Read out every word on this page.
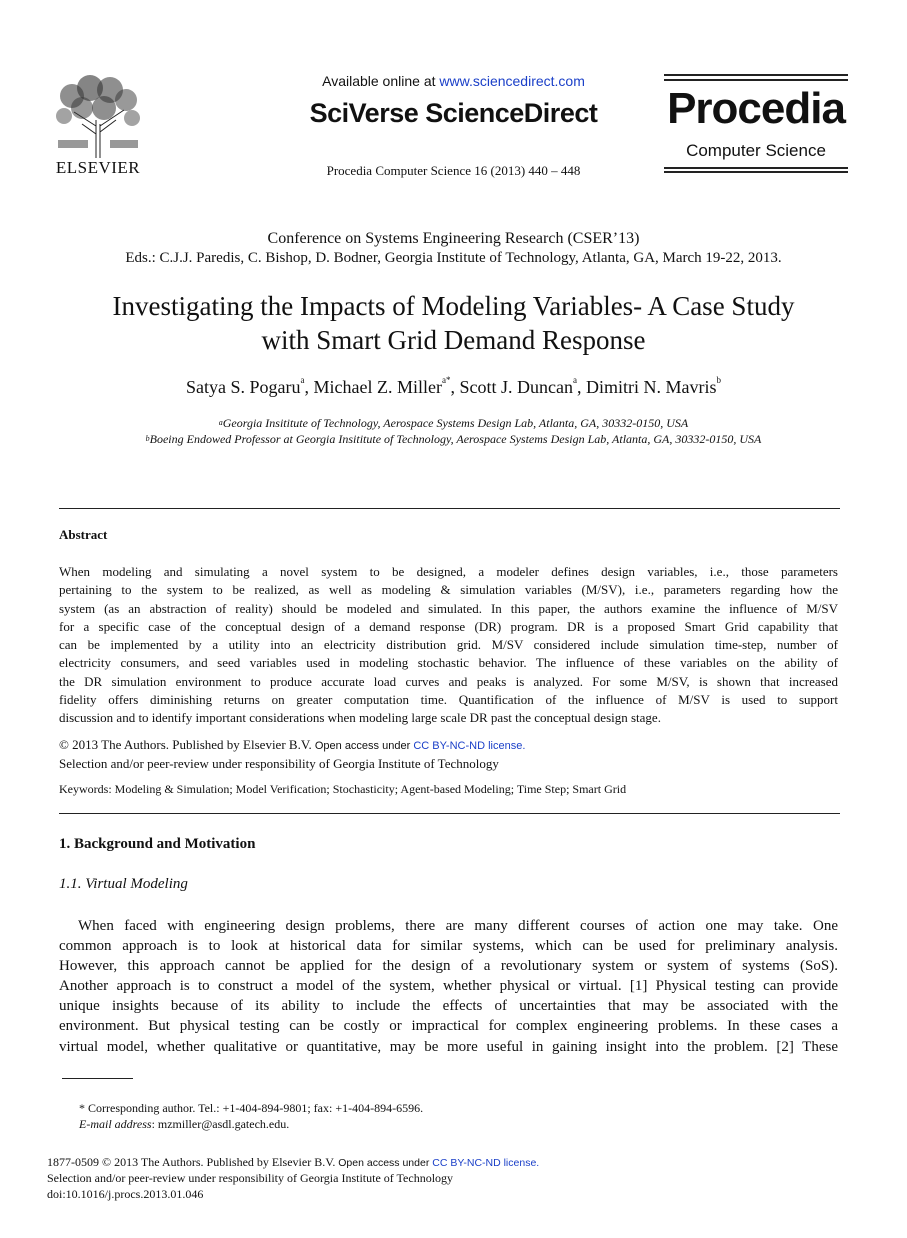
ELSEVIER
Available online at www.sciencedirect.com
SciVerse ScienceDirect
Procedia Computer Science 16 (2013) 440 – 448
Procedia
Computer Science
Conference on Systems Engineering Research (CSER’13)
Eds.: C.J.J. Paredis, C. Bishop, D. Bodner, Georgia Institute of Technology, Atlanta, GA, March 19-22, 2013.
Investigating the Impacts of Modeling Variables- A Case Study
with Smart Grid Demand Response
Satya S. Pogaru$^a$, Michael Z. Miller$^{a*}$, Scott J. Duncan$^a$, Dimitri N. Mavris$^b$
$^a$Georgia Insititute of Technology, Aerospace Systems Design Lab, Atlanta, GA, 30332-0150, USA
$^b$Boeing Endowed Professor at Georgia Insititute of Technology, Aerospace Systems Design Lab, Atlanta, GA, 30332-0150, USA
Abstract
When modeling and simulating a novel system to be designed, a modeler defines design variables, i.e., those parameters
pertaining to the system to be realized, as well as modeling & simulation variables (M/SV), i.e., parameters regarding how the
system (as an abstraction of reality) should be modeled and simulated. In this paper, the authors examine the influence of M/SV
for a specific case of the conceptual design of a demand response (DR) program. DR is a proposed Smart Grid capability that
can be implemented by a utility into an electricity distribution grid. M/SV considered include simulation time-step, number of
electricity consumers, and seed variables used in modeling stochastic behavior. The influence of these variables on the ability of
the DR simulation environment to produce accurate load curves and peaks is analyzed. For some M/SV, is shown that increased
fidelity offers diminishing returns on greater computation time. Quantification of the influence of M/SV is used to support
discussion and to identify important considerations when modeling large scale DR past the conceptual design stage.
© 2013 The Authors. Published by Elsevier B.V. Open access under CC BY-NC-ND license.
Selection and/or peer-review under responsibility of Georgia Institute of Technology
Keywords: Modeling & Simulation; Model Verification; Stochasticity; Agent-based Modeling; Time Step; Smart Grid
1. Background and Motivation
1.1. Virtual Modeling
When faced with engineering design problems, there are many different courses of action one may take. One
common approach is to look at historical data for similar systems, which can be used for preliminary analysis.
However, this approach cannot be applied for the design of a revolutionary system or system of systems (SoS).
Another approach is to construct a model of the system, whether physical or virtual. [1] Physical testing can provide
unique insights because of its ability to include the effects of uncertainties that may be associated with the
environment. But physical testing can be costly or impractical for complex engineering problems. In these cases a
virtual model, whether qualitative or quantitative, may be more useful in gaining insight into the problem. [2] These
* Corresponding author. Tel.: +1-404-894-9801; fax: +1-404-894-6596.
E-mail address: mzmiller@asdl.gatech.edu.
1877-0509 © 2013 The Authors. Published by Elsevier B.V. Open access under CC BY-NC-ND license.
Selection and/or peer-review under responsibility of Georgia Institute of Technology
doi:10.1016/j.procs.2013.01.046
